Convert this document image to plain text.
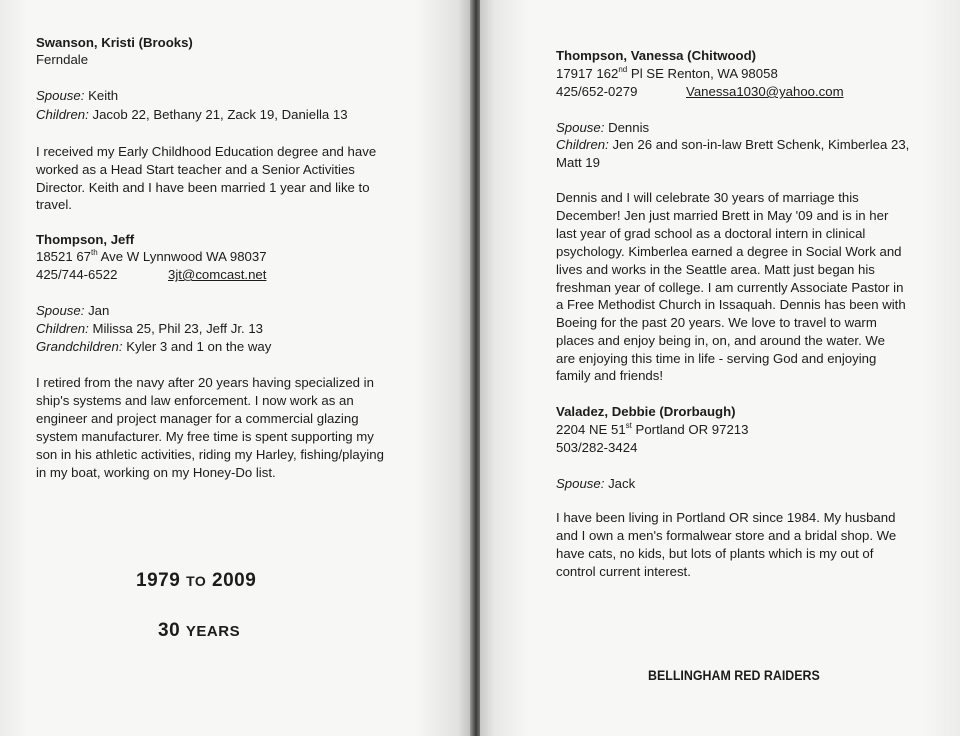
Swanson, Kristi (Brooks)
Ferndale
Spouse: Keith
Children: Jacob 22, Bethany 21, Zack 19, Daniella 13
I received my Early Childhood Education degree and have
worked as a Head Start teacher and a Senior Activities
Director. Keith and I have been married 1 year and like to
travel.
Thompson, Jeff
18521 67th Ave W Lynnwood WA 98037
425/744-6522	3jt@comcast.net
Spouse: Jan
Children: Milissa 25, Phil 23, Jeff Jr. 13
Grandchildren: Kyler 3 and 1 on the way
I retired from the navy after 20 years having specialized in
ship's systems and law enforcement. I now work as an
engineer and project manager for a commercial glazing
system manufacturer. My free time is spent supporting my
son in his athletic activities, riding my Harley, fishing/playing
in my boat, working on my Honey-Do list.
1979 TO 2009
30 YEARS
Thompson, Vanessa (Chitwood)
17917 162nd Pl SE Renton, WA 98058
425/652-0279	Vanessa1030@yahoo.com
Spouse: Dennis
Children: Jen 26 and son-in-law Brett Schenk, Kimberlea 23,
Matt 19
Dennis and I will celebrate 30 years of marriage this
December! Jen just married Brett in May '09 and is in her
last year of grad school as a doctoral intern in clinical
psychology. Kimberlea earned a degree in Social Work and
lives and works in the Seattle area. Matt just began his
freshman year of college. I am currently Associate Pastor in
a Free Methodist Church in Issaquah. Dennis has been with
Boeing for the past 20 years. We love to travel to warm
places and enjoy being in, on, and around the water. We
are enjoying this time in life - serving God and enjoying
family and friends!
Valadez, Debbie (Drorbaugh)
2204 NE 51st Portland OR 97213
503/282-3424
Spouse: Jack
I have been living in Portland OR since 1984. My husband
and I own a men's formalwear store and a bridal shop. We
have cats, no kids, but lots of plants which is my out of
control current interest.
BELLINGHAM RED RAIDERS
